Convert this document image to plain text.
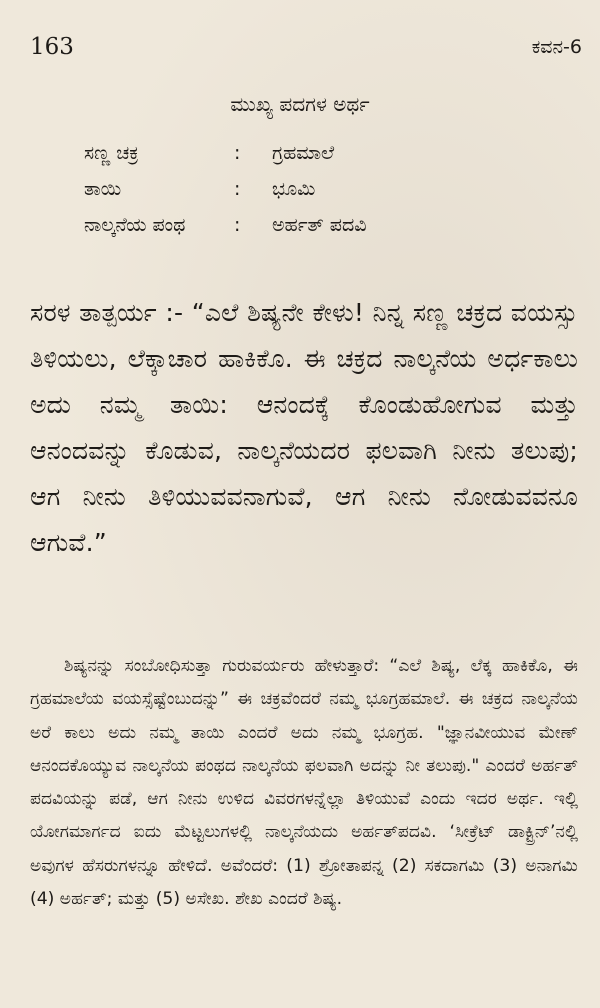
163	ಕವನ-6
ಮುಖ್ಯ ಪದಗಳ ಅರ್ಥ
ಸಣ್ಣ ಚಕ್ರ	:	ಗ್ರಹಮಾಲೆ
ತಾಯಿ	:	ಭೂಮಿ
ನಾಲ್ಕನೆಯ ಪಂಥ	:	ಅರ್ಹತ್ ಪದವಿ
ಸರಳ ತಾತ್ಪರ್ಯ :- “ಎಲೆ ಶಿಷ್ಯನೇ ಕೇಳು! ನಿನ್ನ ಸಣ್ಣ ಚಕ್ರದ ವಯಸ್ಸು ತಿಳಿಯಲು, ಲೆಕ್ಕಾಚಾರ ಹಾಕಿಕೊ. ಈ ಚಕ್ರದ ನಾಲ್ಕನೆಯ ಅರ್ಧಕಾಲು ಅದು ನಮ್ಮ ತಾಯಿ: ಆನಂದಕ್ಕೆ ಕೊಂಡುಹೋಗುವ ಮತ್ತು ಆನಂದವನ್ನು ಕೊಡುವ, ನಾಲ್ಕನೆಯದರ ಫಲವಾಗಿ ನೀನು ತಲುಪು; ಆಗ ನೀನು ತಿಳಿಯುವವನಾಗುವೆ, ಆಗ ನೀನು ನೋಡುವವನೂ ಆಗುವೆ.”
ಶಿಷ್ಯನನ್ನು ಸಂಬೋಧಿಸುತ್ತಾ ಗುರುವರ್ಯರು ಹೇಳುತ್ತಾರೆ: “ಎಲೆ ಶಿಷ್ಯ, ಲೆಕ್ಕ ಹಾಕಿಕೊ, ಈ ಗ್ರಹಮಾಲೆಯ ವಯಸ್ಸೆಷ್ಟೆಂಬುದನ್ನು” ಈ ಚಕ್ರವೆಂದರೆ ನಮ್ಮ ಭೂಗ್ರಹಮಾಲೆ. ಈ ಚಕ್ರದ ನಾಲ್ಕನೆಯ ಅರೆ ಕಾಲು ಅದು ನಮ್ಮ ತಾಯಿ ಎಂದರೆ ಅದು ನಮ್ಮ ಭೂಗ್ರಹ. "ಜ್ಞಾನವೀಯುವ ಮೇಣ್ ಆನಂದಕೊಯ್ಯುವ ನಾಲ್ಕನೆಯ ಪಂಥದ ನಾಲ್ಕನೆಯ ಫಲವಾಗಿ ಅದನ್ನು ನೀ ತಲುಪು." ಎಂದರೆ ಅರ್ಹತ್ ಪದವಿಯನ್ನು ಪಡೆ, ಆಗ ನೀನು ಉಳಿದ ವಿವರಗಳನ್ನೆಲ್ಲಾ ತಿಳಿಯುವೆ ಎಂದು ಇದರ ಅರ್ಥ. ಇಲ್ಲಿ ಯೋಗಮಾರ್ಗದ ಐದು ಮೆಟ್ಟಲುಗಳಲ್ಲಿ ನಾಲ್ಕನೆಯದು ಅರ್ಹತ್‌ಪದವಿ. ‘ಸೀಕ್ರೆಟ್ ಡಾಕ್ಟ್ರಿನ್’ನಲ್ಲಿ ಅವುಗಳ ಹೆಸರುಗಳನ್ನೂ ಹೇಳಿದೆ. ಅವೆಂದರೆ: (1) ಶ್ರೋತಾಪನ್ನ (2) ಸಕದಾಗಮಿ (3) ಅನಾಗಮಿ (4) ಅರ್ಹತ್; ಮತ್ತು (5) ಅಸೇಖ. ಶೇಖ ಎಂದರೆ ಶಿಷ್ಯ.
